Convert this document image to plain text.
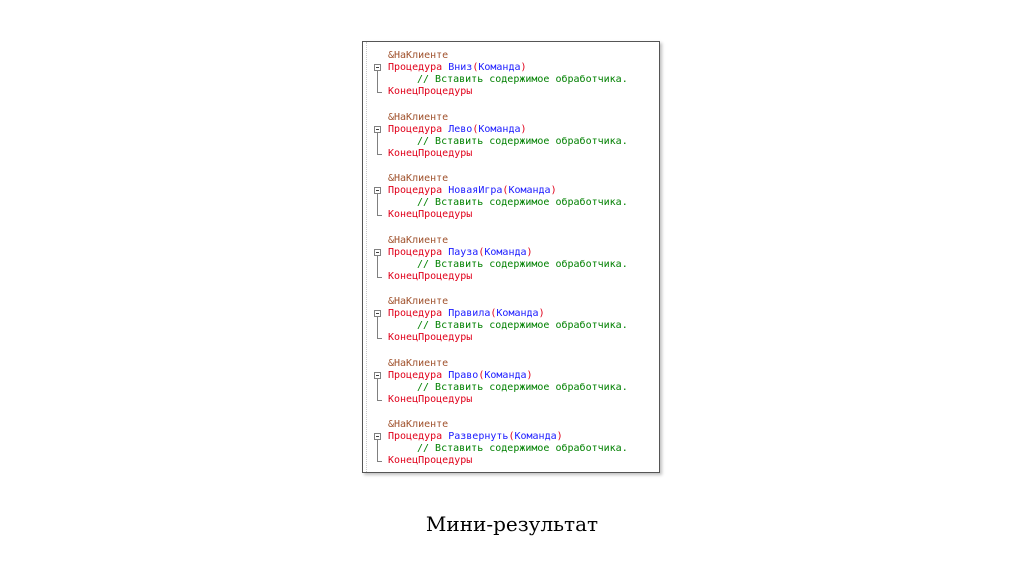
&НаКлиенте
Процедура Вниз(Команда)
// Вставить содержимое обработчика.
КонецПроцедуры
&НаКлиенте
Процедура Лево(Команда)
// Вставить содержимое обработчика.
КонецПроцедуры
&НаКлиенте
Процедура НоваяИгра(Команда)
// Вставить содержимое обработчика.
КонецПроцедуры
&НаКлиенте
Процедура Пауза(Команда)
// Вставить содержимое обработчика.
КонецПроцедуры
&НаКлиенте
Процедура Правила(Команда)
// Вставить содержимое обработчика.
КонецПроцедуры
&НаКлиенте
Процедура Право(Команда)
// Вставить содержимое обработчика.
КонецПроцедуры
&НаКлиенте
Процедура Развернуть(Команда)
// Вставить содержимое обработчика.
КонецПроцедуры
Мини-результат
